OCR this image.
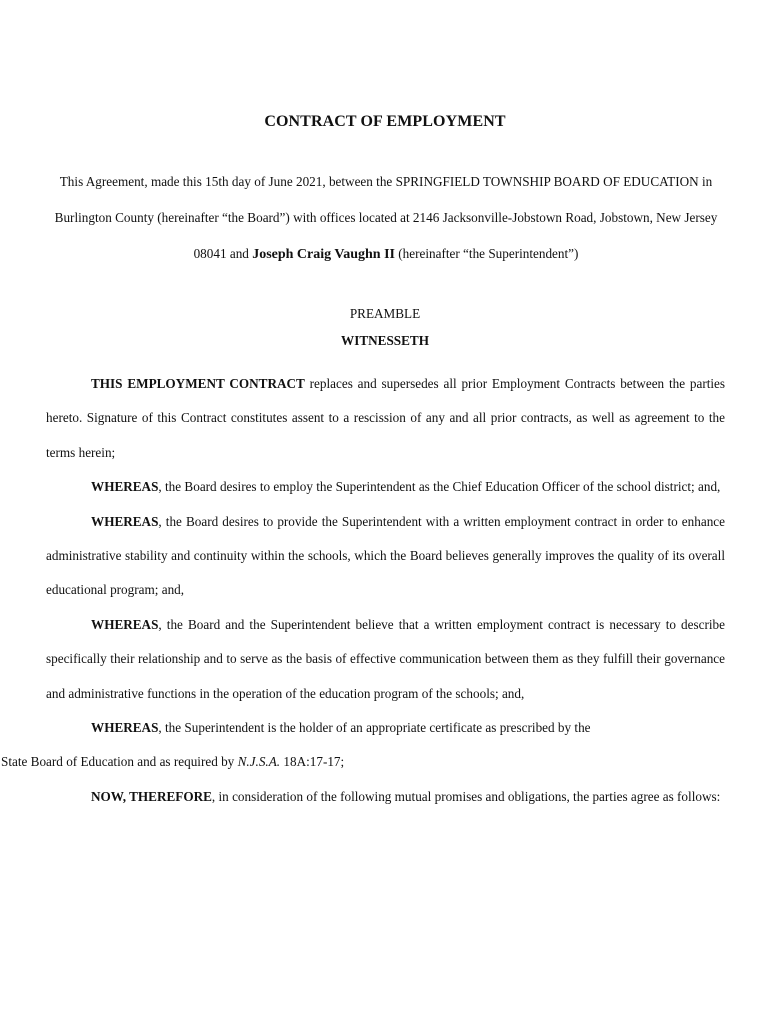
CONTRACT OF EMPLOYMENT
This Agreement, made this 15th day of June 2021, between the SPRINGFIELD TOWNSHIP BOARD OF EDUCATION in Burlington County (hereinafter “the Board”) with offices located at 2146 Jacksonville-Jobstown Road, Jobstown, New Jersey 08041 and Joseph Craig Vaughn II (hereinafter “the Superintendent”)
PREAMBLE
WITNESSETH

THIS EMPLOYMENT CONTRACT replaces and supersedes all prior Employment Contracts between the parties hereto. Signature of this Contract constitutes assent to a rescission of any and all prior contracts, as well as agreement to the terms herein;

WHEREAS, the Board desires to employ the Superintendent as the Chief Education Officer of the school district; and,

WHEREAS, the Board desires to provide the Superintendent with a written employment contract in order to enhance administrative stability and continuity within the schools, which the Board believes generally improves the quality of its overall educational program; and,

WHEREAS, the Board and the Superintendent believe that a written employment contract is necessary to describe specifically their relationship and to serve as the basis of effective communication between them as they fulfill their governance and administrative functions in the operation of the education program of the schools; and,

WHEREAS, the Superintendent is the holder of an appropriate certificate as prescribed by the
State Board of Education and as required by N.J.S.A. 18A:17-17;

NOW, THEREFORE, in consideration of the following mutual promises and obligations, the parties agree as follows:
